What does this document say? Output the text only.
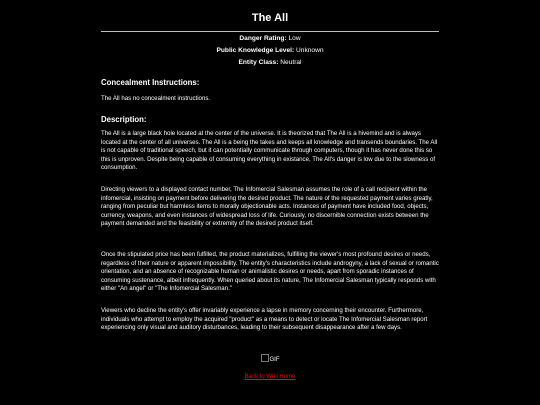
The All
Danger Rating: Low
Public Knowledge Level: Unknown
Entity Class: Neutral
Concealment Instructions:

The All has no concealment instructions.

Description:

The All is a large black hole located at the center of the universe. It is theorized that The All is a hivemind and is always located at the center of all universes. The All is a being the takes and keeps all knowledge and transends boundaries. The All is not capable of traditional speech, but it can potentially communicate through computers, though it has never done this so this is unproven. Despite being capable of consuming everything in existance, The All's danger is low due to the slowness of consumption.

Directing viewers to a displayed contact number, The Infomercial Salesman assumes the role of a call recipient within the infomercial, insisting on payment before delivering the desired product. The nature of the requested payment varies greatly, ranging from peculiar but harmless items to morally objectionable acts. Instances of payment have included food, objects, currency, weapons, and even instances of widespread loss of life. Curiously, no discernible connection exists between the payment demanded and the feasibility or extremity of the desired product itself.

Once the stipulated price has been fulfilled, the product materializes, fulfilling the viewer's most profound desires or needs, regardless of their nature or apparent impossibility. The entity's characteristics include androgyny, a lack of sexual or romantic orientation, and an absence of recognizable human or animalistic desires or needs, apart from sporadic instances of consuming sustenance, albeit infrequently. When queried about its nature, The Infomercial Salesman typically responds with either "An angel" or "The Infomercial Salesman."

Viewers who decline the entity's offer invariably experience a lapse in memory concerning their encounter. Furthermore, individuals who attempt to employ the acquired "product" as a means to detect or locate The Infomercial Salesman report experiencing only visual and auditory disturbances, leading to their subsequent disappearance after a few days.

GIF
Back to Wiki Home
